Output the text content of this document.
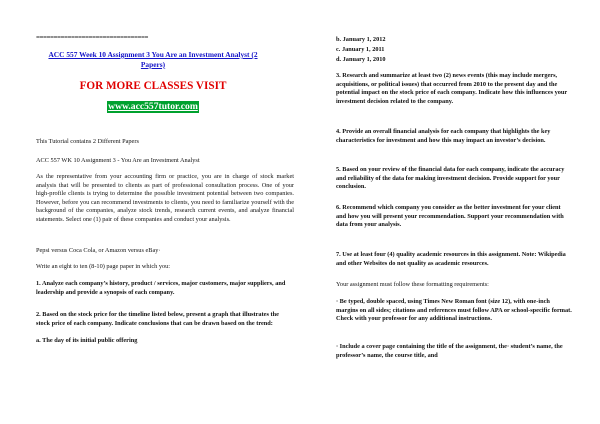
================================
ACC 557 Week 10 Assignment 3 You Are an Investment Analyst (2 Papers)
FOR MORE CLASSES VISIT
www.acc557tutor.com

This Tutorial contains 2 Different Papers

ACC 557 WK 10 Assignment 3 - You Are an Investment Analyst

As the representative from your accounting firm or practice, you are in charge of stock market analysis that will be presented to clients as part of professional consultation process. One of your high-profile clients is trying to determine the possible investment potential between two companies. However, before you can recommend investments to clients, you need to familiarize yourself with the background of the companies, analyze stock trends, research current events, and analyze financial statements. Select one (1) pair of these companies and conduct your analysis.

Pepsi versus Coca Cola, or Amazon versus eBay·

Write an eight to ten (8-10) page paper in which you:

1. Analyze each company’s history, product / services, major customers, major suppliers, and leadership and provide a synopsis of each company.

2. Based on the stock price for the timeline listed below, present a graph that illustrates the stock price of each company. Indicate conclusions that can be drawn based on the trend:

a. The day of its initial public offering

b. January 1, 2012

c. January 1, 2011

d. January 1, 2010

3. Research and summarize at least two (2) news events (this may include mergers, acquisitions, or political issues) that occurred from 2010 to the present day and the potential impact on the stock price of each company. Indicate how this influences your investment decision related to the company.

4. Provide an overall financial analysis for each company that highlights the key characteristics for investment and how this may impact an investor’s decision.

5. Based on your review of the financial data for each company, indicate the accuracy and reliability of the data for making investment decision. Provide support for your conclusion.

6. Recommend which company you consider as the better investment for your client and how you will present your recommendation. Support your recommendation with data from your analysis.

7. Use at least four (4) quality academic resources in this assignment. Note: Wikipedia and other Websites do not quality as academic resources.

Your assignment must follow these formatting requirements:

· Be typed, double spaced, using Times New Roman font (size 12), with one-inch margins on all sides; citations and references must follow APA or school-specific format. Check with your professor for any additional instructions.

· Include a cover page containing the title of the assignment, the· student’s name, the professor’s name, the course title, and
